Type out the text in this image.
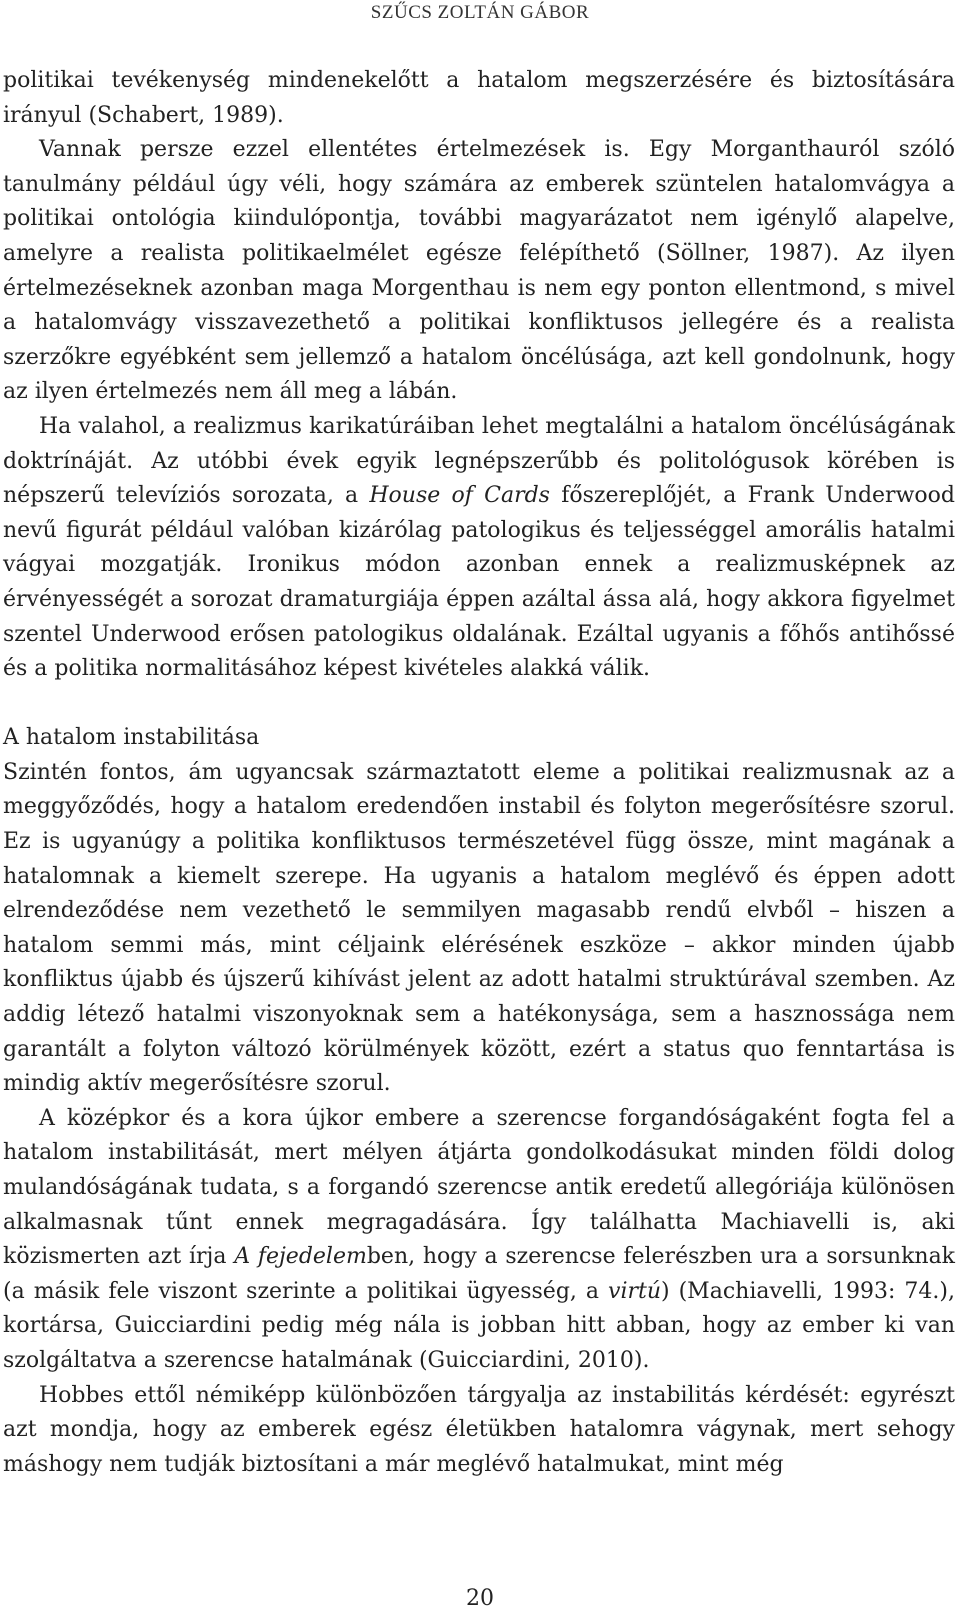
SZŰCS ZOLTÁN GÁBOR

politikai tevékenység mindenekelőtt a hatalom megszerzésére és biztosítására irányul (Schabert, 1989).

Vannak persze ezzel ellentétes értelmezések is. Egy Morganthauról szóló tanulmány például úgy véli, hogy számára az emberek szüntelen hatalomvágya a politikai ontológia kiindulópontja, további magyarázatot nem igénylő alapelve, amelyre a realista politikaelmélet egésze felépíthető (Söllner, 1987). Az ilyen értelmezéseknek azonban maga Morgenthau is nem egy ponton ellentmond, s mivel a hatalomvágy visszavezethető a politikai konfliktusos jellegére és a realista szerzőkre egyébként sem jellemző a hatalom öncélúsága, azt kell gondolnunk, hogy az ilyen értelmezés nem áll meg a lábán.

Ha valahol, a realizmus karikatúráiban lehet megtalálni a hatalom öncélúságának doktrínáját. Az utóbbi évek egyik legnépszerűbb és politológusok körében is népszerű televíziós sorozata, a House of Cards főszereplőjét, a Frank Underwood nevű figurát például valóban kizárólag patologikus és teljességgel amorális hatalmi vágyai mozgatják. Ironikus módon azonban ennek a realizmusképnek az érvényességét a sorozat dramaturgiája éppen azáltal ássa alá, hogy akkora figyelmet szentel Underwood erősen patologikus oldalának. Ezáltal ugyanis a főhős antihőssé és a politika normalitásához képest kivételes alakká válik.

A hatalom instabilitása

Szintén fontos, ám ugyancsak származtatott eleme a politikai realizmusnak az a meggyőződés, hogy a hatalom eredendően instabil és folyton megerősítésre szorul. Ez is ugyanúgy a politika konfliktusos természetével függ össze, mint magának a hatalomnak a kiemelt szerepe. Ha ugyanis a hatalom meglévő és éppen adott elrendeződése nem vezethető le semmilyen magasabb rendű elvből – hiszen a hatalom semmi más, mint céljaink elérésének eszköze – akkor minden újabb konfliktus újabb és újszerű kihívást jelent az adott hatalmi struktúrával szemben. Az addig létező hatalmi viszonyoknak sem a hatékonysága, sem a hasznossága nem garantált a folyton változó körülmények között, ezért a status quo fenntartása is mindig aktív megerősítésre szorul.

A középkor és a kora újkor embere a szerencse forgandóságaként fogta fel a hatalom instabilitását, mert mélyen átjárta gondolkodásukat minden földi dolog mulandóságának tudata, s a forgandó szerencse antik eredetű allegóriája különösen alkalmasnak tűnt ennek megragadására. Így találhatta Machiavelli is, aki közismerten azt írja A fejedelemben, hogy a szerencse felerészben ura a sorsunknak (a másik fele viszont szerinte a politikai ügyesség, a virtú) (Machiavelli, 1993: 74.), kortársa, Guicciardini pedig még nála is jobban hitt abban, hogy az ember ki van szolgáltatva a szerencse hatalmának (Guicciardini, 2010).

Hobbes ettől némiképp különbözően tárgyalja az instabilitás kérdését: egyrészt azt mondja, hogy az emberek egész életükben hatalomra vágynak, mert sehogy máshogy nem tudják biztosítani a már meglévő hatalmukat, mint még

20
